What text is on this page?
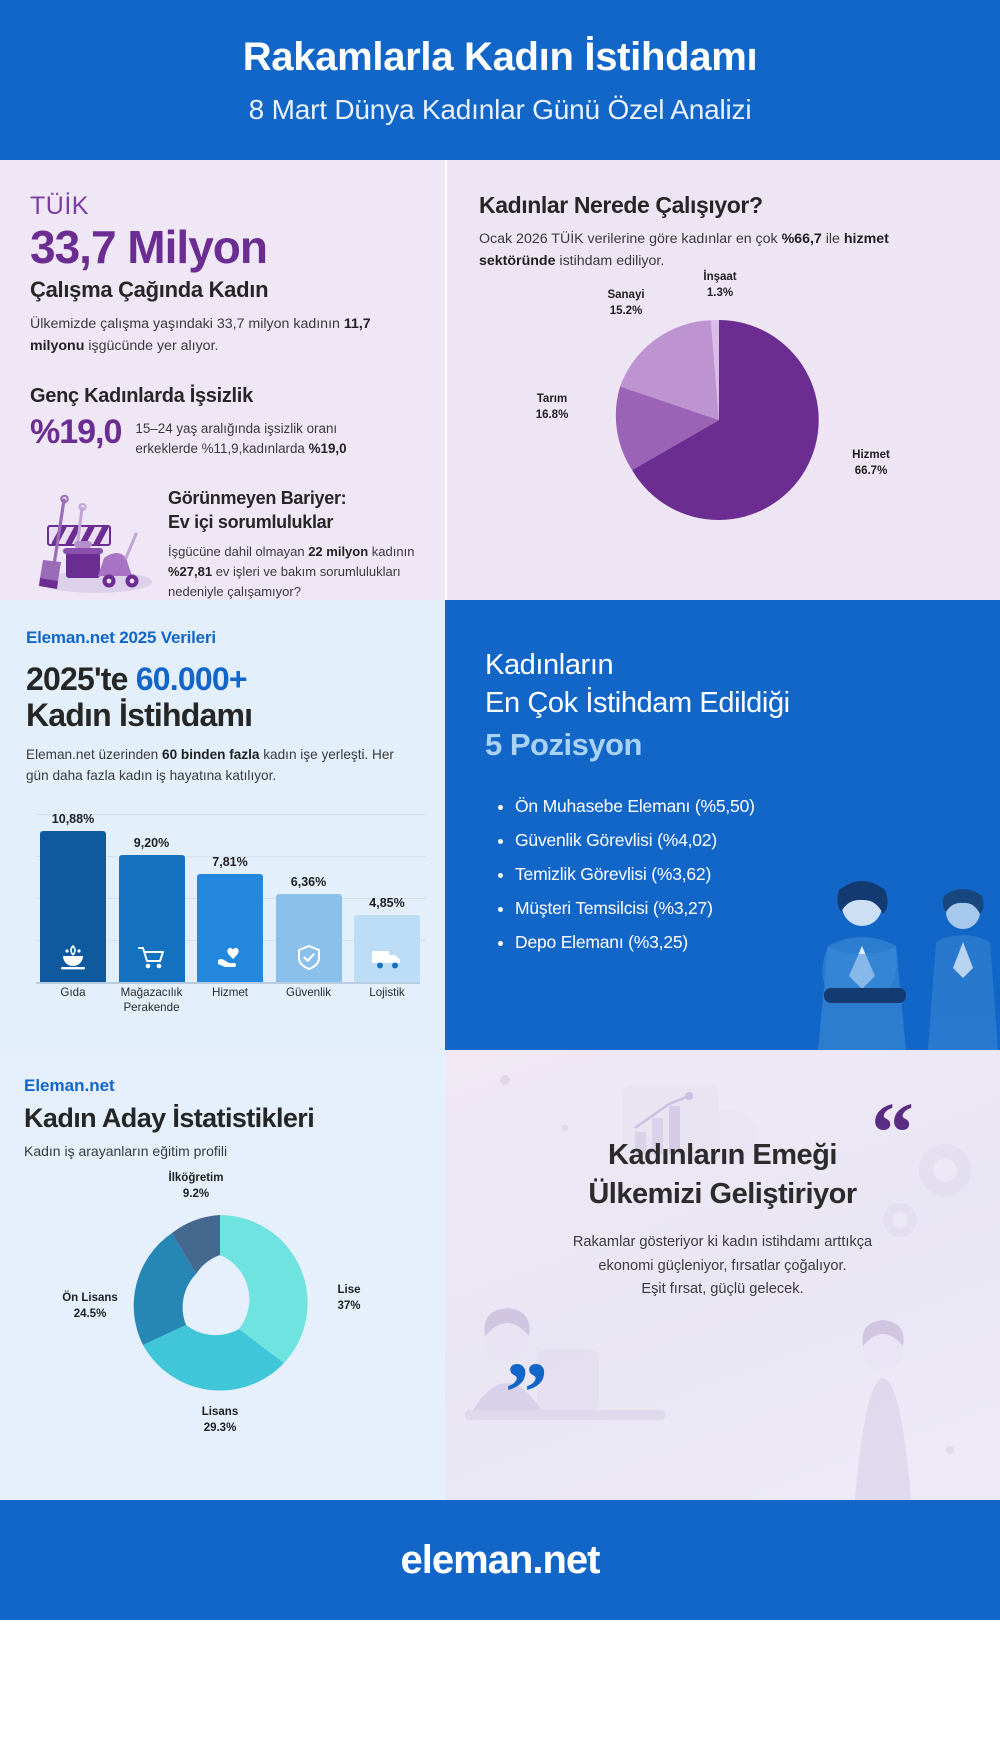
Rakamlarla Kadın İstihdamı
8 Mart Dünya Kadınlar Günü Özel Analizi
TÜİK
33,7 Milyon
Çalışma Çağında Kadın
Ülkemizde çalışma yaşındaki 33,7 milyon kadının 11,7 milyonu işgücünde yer alıyor.
Genç Kadınlarda İşsizlik
%19,0 15–24 yaş aralığında işsizlik oranı erkeklerde %11,9,kadınlarda %19,0
Görünmeyen Bariyer:
Ev içi sorumluluklar
İşgücüne dahil olmayan 22 milyon kadının %27,81 ev işleri ve bakım sorumlulukları nedeniyle çalışamıyor?
Kadınlar Nerede Çalışıyor?
Ocak 2026 TÜİK verilerine göre kadınlar en çok %66,7 ile hizmet sektöründe istihdam ediliyor.
İnşaat
1.3%
Sanayi
15.2%
Tarım
16.8%
Hizmet
66.7%
Eleman.net 2025 Verileri
2025'te 60.000+
Kadın İstihdamı
Eleman.net üzerinden 60 binden fazla kadın işe yerleşti. Her gün daha fazla kadın iş hayatına katılıyor.
10,88%
9,20%
7,81%
6,36%
4,85%
Gıda	Mağazacılık Perakende
Hizmet	Güvenlik	Lojistik
Kadınların
En Çok İstihdam Edildiği
5 Pozisyon
• Ön Muhasebe Elemanı (%5,50)
• Güvenlik Görevlisi (%4,02)
• Temizlik Görevlisi (%3,62)
• Müşteri Temsilcisi (%3,27)
• Depo Elemanı (%3,25)
Eleman.net
Kadın Aday İstatistikleri
Kadın iş arayanların eğitim profili
İlköğretim
9.2%
Lise
37%
Ön Lisans
24.5%
Lisans
29.3%
“
Kadınların Emeği
Ülkemizi Geliştiriyor
Rakamlar gösteriyor ki kadın istihdamı arttıkça
ekonomi güçleniyor, fırsatlar çoğalıyor.
Eşit fırsat, güçlü gelecek.
”
eleman.net
